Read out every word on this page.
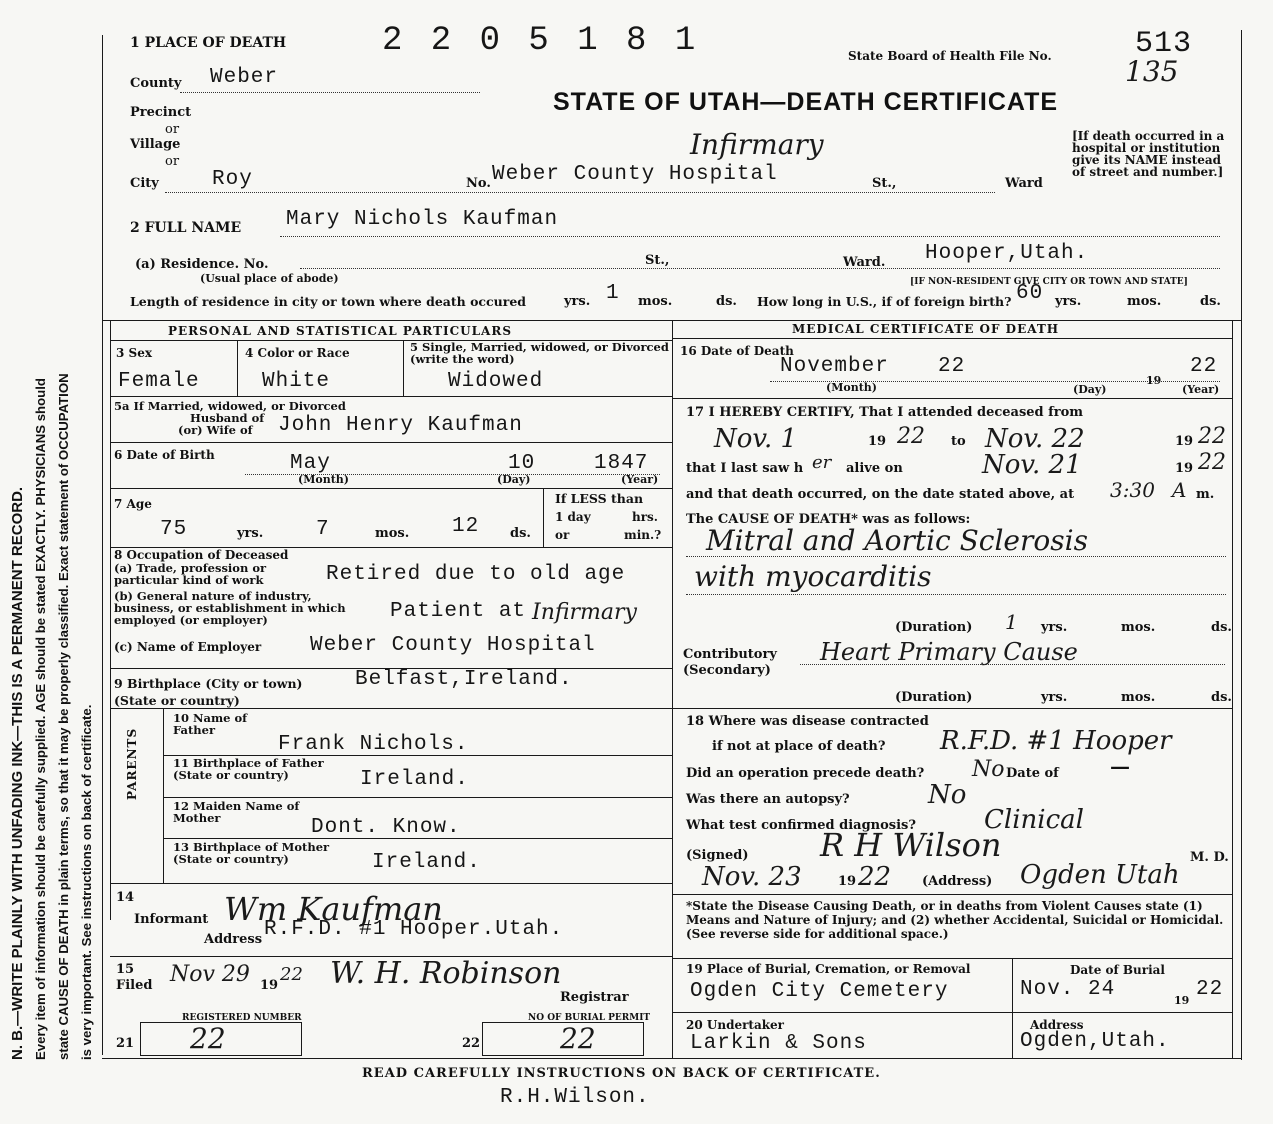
N. B.—WRITE PLAINLY WITH UNFADING INK—THIS IS A PERMANENT RECORD. Every item of information should be carefully supplied. AGE should be stated EXACTLY. PHYSICIANS should state CAUSE OF DEATH in plain terms, so that it may be properly classified. Exact statement of OCCUPATION is very important. See instructions on back of certificate.
1 PLACE OF DEATH	2 2 0 5 1 8 1	State Board of Health File No.	513
135
STATE OF UTAH—DEATH CERTIFICATE
County Weber
Precinct
or
Village
or
City	Roy	No. Weber County Hospital
Infirmary
St.,	Ward
[If death occurred in a hospital or institution give its NAME instead of street and number.]
2 FULL NAME Mary Nichols Kaufman
(a) Residence. No.
(Usual place of abode)
St.,	Ward. Hooper,Utah.
[IF NON-RESIDENT GIVE CITY OR TOWN AND STATE]
Length of residence in city or town where death occured	yrs. 1 mos.	ds. How long in U.S., if of foreign birth? 60 yrs.	mos.	ds.
PERSONAL AND STATISTICAL PARTICULARS
3 Sex
Female
4 Color or Race
White
5 Single, Married, widowed, or Divorced (write the word)
Widowed
5a If Married, widowed, or Divorced
Husband of
(or) Wife of John Henry Kaufman
6 Date of Birth	May	10	1847
(Month)	(Day)	(Year)
7 Age
75	yrs.	7	mos. 12 ds.
If LESS than
1 day	hrs.
or	min.?
8 Occupation of Deceased
(a) Trade, profession or particular kind of work	Retired due to old age
(b) General nature of industry, business, or establishment in which employed (or employer)	Patient at Infirmary
(c) Name of Employer Weber County Hospital
9 Birthplace (City or town)
(State or country)
Belfast,Ireland.
PARENTS
10 Name of Father
Frank Nichols.
11 Birthplace of Father (State or country)	Ireland.
12 Maiden Name of Mother	Dont. Know.
13 Birthplace of Mother (State or country)	Ireland.
14
Informant Wm Kaufman
Address R.F.D. #1 Hooper.Utah.
15
Filed Nov 29 19
22 W. H. Robinson
Registrar
REGISTERED NUMBER
21 22
NO OF BURIAL PERMIT
22	22
MEDICAL CERTIFICATE OF DEATH
16 Date of Death
November 22
19
22
(Month)	(Day)	(Year)
17 I HEREBY CERTIFY, That I attended deceased from
Nov. 1	19 22 to Nov. 22	19 22
that I last saw h er alive on	Nov. 21	19 22
and that death occurred, on the date stated above, at 3:30 A m.
The CAUSE OF DEATH* was as follows:
Mitral and Aortic Sclerosis
with myocarditis
(Duration) 1 yrs.	mos.	ds.
Contributory
(Secondary)
Heart Primary Cause
(Duration)	yrs.	mos.	ds.
18 Where was disease contracted
if not at place of death? R.F.D. #1 Hooper
Did an operation precede death? No Date of	—
Was there an autopsy?	No
What test confirmed diagnosis?	Clinical
(Signed) R H Wilson	M. D.
Nov. 23	19 22 (Address) Ogden Utah
*State the Disease Causing Death, or in deaths from Violent Causes state (1) Means and Nature of Injury; and (2) whether Accidental, Suicidal or Homicidal. (See reverse side for additional space.)
19 Place of Burial, Cremation, or Removal
Ogden City Cemetery
Date of Burial
Nov. 24	19 22
20 Undertaker
Larkin & Sons
Address
Ogden,Utah.
READ CAREFULLY INSTRUCTIONS ON BACK OF CERTIFICATE.
R.H.Wilson.
